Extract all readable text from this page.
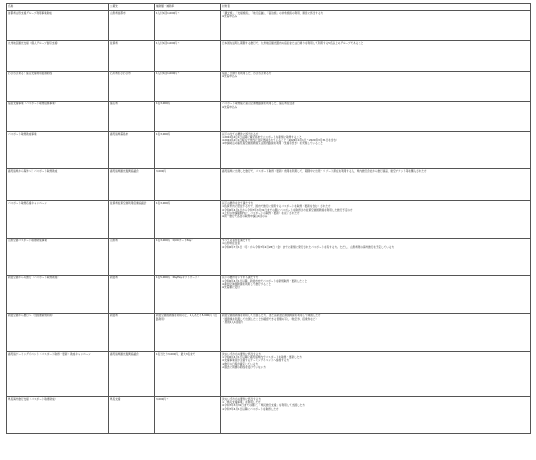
名称	公募先	補助額・補助率	対象者

首都県山形支援グループ利用事業助成	山形県首都市	1人付1回1,000円〜	「観光施」、「支援施設」、「地元店舗」、「宿泊施」の対象施設の利用、運営に該当する方
※先着申込み

九州地区観光支援（個人グループ割引支援）	佐賀県	1人付1回1,000円〜	日本国を証明し期間する旅行で、九州地区観光圏内の宿泊または日帰りを利用して利用する5名以上のグループであること

わざわざ来る！富山支援利用促進助成	石川県わざわざ市	1人付1回1,000円〜	宿泊・日帰りを利用した、わざわざ来る方
※先着申込み

宿泊支援事業（パスポート取得促進事業）	富山県	1名3,000円	パスポート取得後に富山空港便路線を利用した、富山県在住者
※先着申込み

パスポート取得助成事業	鹿児島県霧島市	1名3,000円	以下の全ての要件に該当する方
①2024年4月1日以降に鹿児島市でパスポートを新規に取得すること
②2024年4月1日時点で市内に住民登録されていること（2026年4月1日〜2029年3月31日を含む）
③申請時点の鹿児島空港国際線又は国内路線を利用（支援手続き）を実施していること

鹿児島県から海外へ！パスポート取得助成	鹿児島県観光振興協議会	3,000円	鹿児島県に出発した旅行で、パスポート取得（更新）費用を利用して、期間中に出発・リゾート滞在を利用する人、県内旅行会社から旅行商品、航空チケット等を購入された方

パスポート取得応援キャンペーン	佐賀県佐賀空港利用促進協議会	1名3,000円	以下の要件を全て満たす方
①佐賀市内に居住する方で、国内で旅行に使用するパスポートを取得（更新を含む）された方
②令和6年4月1日から令和7年3月31日までの間にパスポートを取得され佐賀空港国際線を利用した旅行予定の方
③上記の申請期間内に、パスポートの取得（更新）を完了された方
※同一旅行で各自の取得申請は1回のみ

山形空港パスポート取得助成事業	山形県	1名3,000円（QUOカードPay）	すべての条件を満たす方
①山形県在住者
②令和6年7月1日（月）から令和7年2月28日（金）までに新規に発行されたパスポートを有する方。ただし、山形県発の海外旅行を予定している方

新潟空港からの旅行（パスポート取得助成）	新潟県	1名5,000円（PayPayギフトカード）	以下の要件をいずれも満たす方
①令和6年4月1日以降、新潟市内でパスポートを新規取得・更新したこと
②新潟空港国際線を利用して旅行すること
※先着順に受付

新潟空港から旅行へ（出国便新規利用）	新潟県	新潟空港国際線を利用の上、1人あたり5,000円（往路利用）	新潟空港国際線を利用して出国した方、または新潟空港国際線を利用して帰国した方
・国際線を利用して出国したことが確認できる書類の写し（航空券、搭乗券など）
・原則1人1回限り

鹿児島ゲーミングイベント（パスポート取得・更新）助成キャンペーン	鹿児島県観光振興協議会	1名当たり3,000円、最大3名まで	次のいずれかの要件に該当する方
①令和6年4月1日以降に鹿児島県内でパスポートを取得・更新した方
②支援事業者が主催するゲーミングイベントへ参加する方
③旅行の日程が確定している方
④過去に同様の助成を受けていない方

県民海外旅行支援（パスポート取得助成）	県民支援	3,000円〜	次のいずれかの要件に該当する方
①「県民支援事業」を利用した方
②令和7年3月31日までの間に、「県民旅行支援」を利用して出国した方
③令和7年4月1日以降にパスポートを取得した方
